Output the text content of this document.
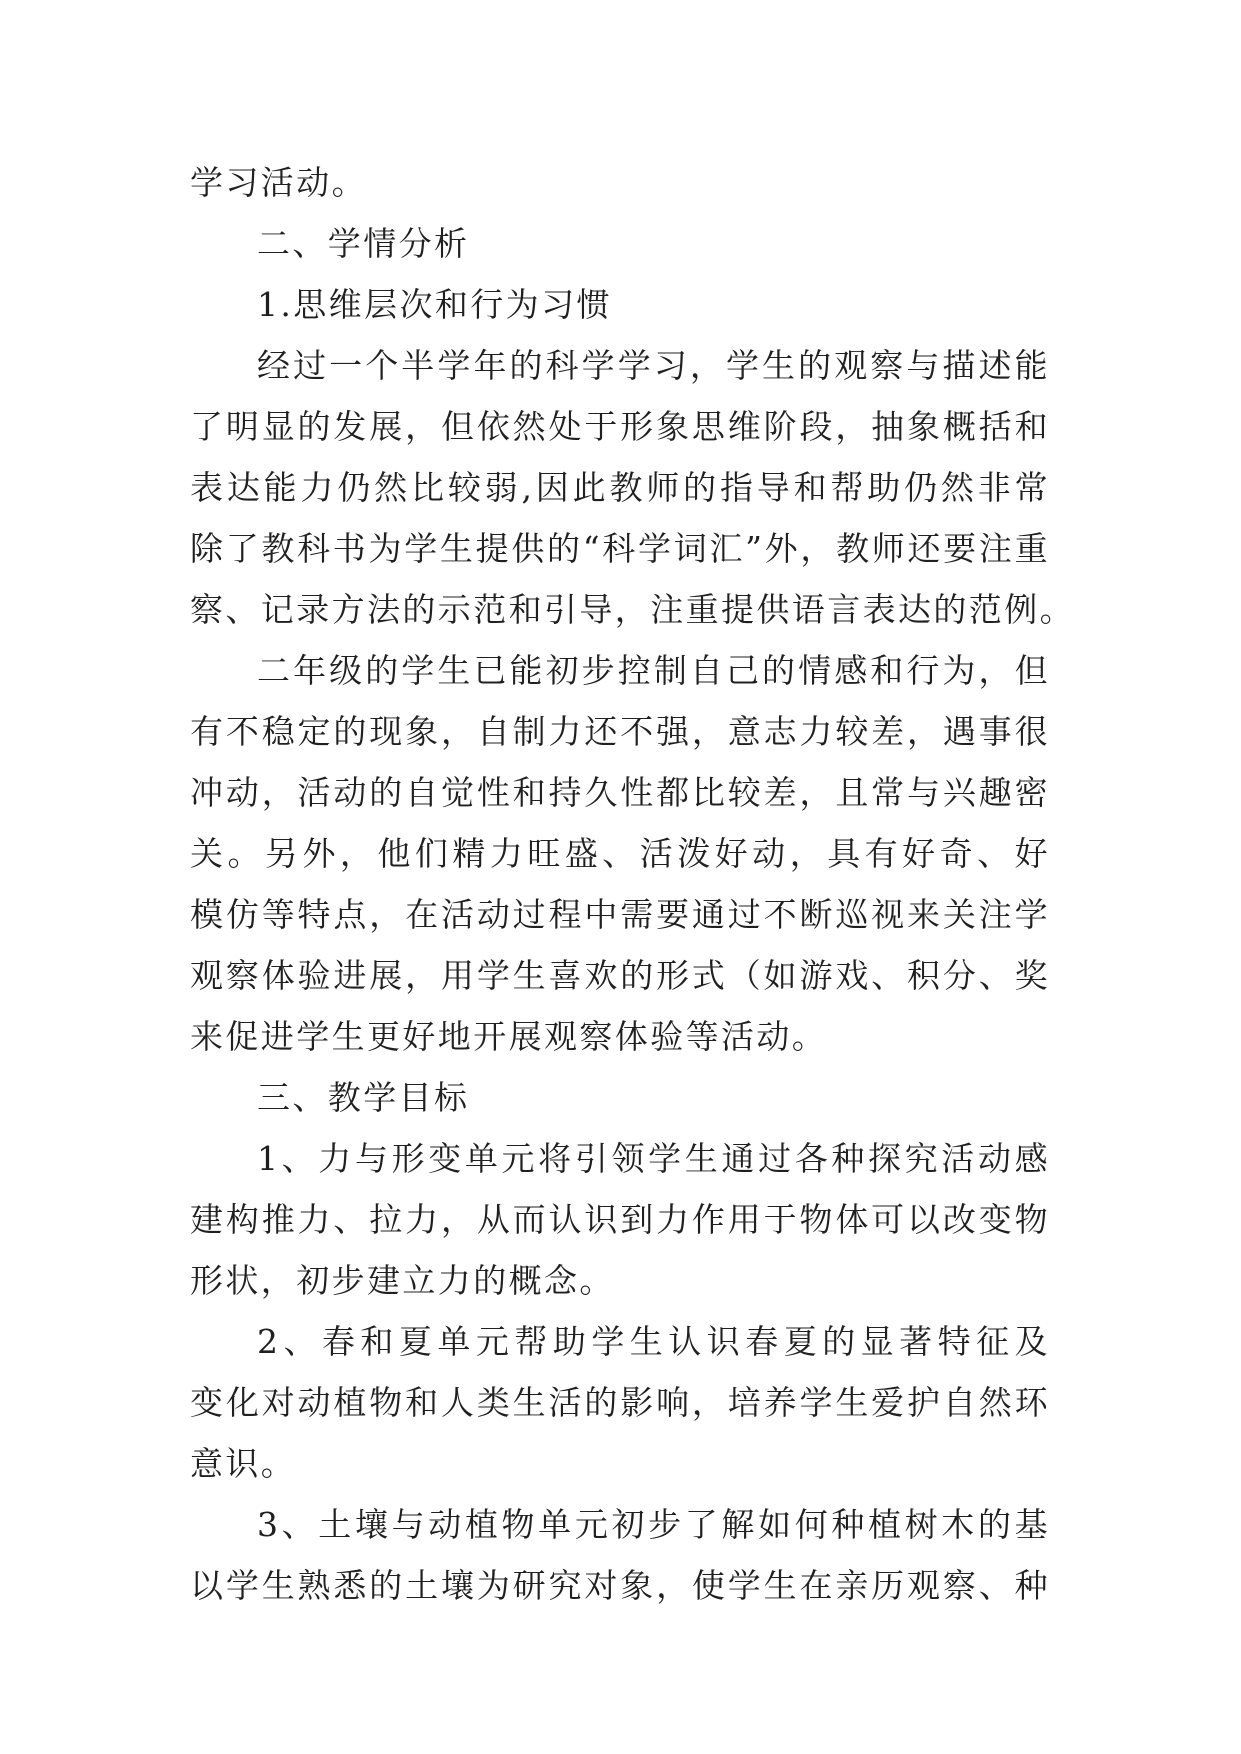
学习活动。
二、学情分析
1.思维层次和行为习惯
经过一个半学年的科学学习，学生的观察与描述能
了明显的发展，但依然处于形象思维阶段，抽象概括和
表达能力仍然比较弱,因此教师的指导和帮助仍然非常
除了教科书为学生提供的“科学词汇”外，教师还要注重
察、记录方法的示范和引导，注重提供语言表达的范例。
二年级的学生已能初步控制自己的情感和行为，但
有不稳定的现象，自制力还不强，意志力较差，遇事很
冲动，活动的自觉性和持久性都比较差，且常与兴趣密
关。另外，他们精力旺盛、活泼好动，具有好奇、好
模仿等特点，在活动过程中需要通过不断巡视来关注学
观察体验进展，用学生喜欢的形式（如游戏、积分、奖
来促进学生更好地开展观察体验等活动。
三、教学目标
1、力与形变单元将引领学生通过各种探究活动感
建构推力、拉力，从而认识到力作用于物体可以改变物
形状，初步建立力的概念。
2、春和夏单元帮助学生认识春夏的显著特征及
变化对动植物和人类生活的影响，培养学生爱护自然环
意识。
3、土壤与动植物单元初步了解如何种植树木的基
以学生熟悉的土壤为研究对象，使学生在亲历观察、种
